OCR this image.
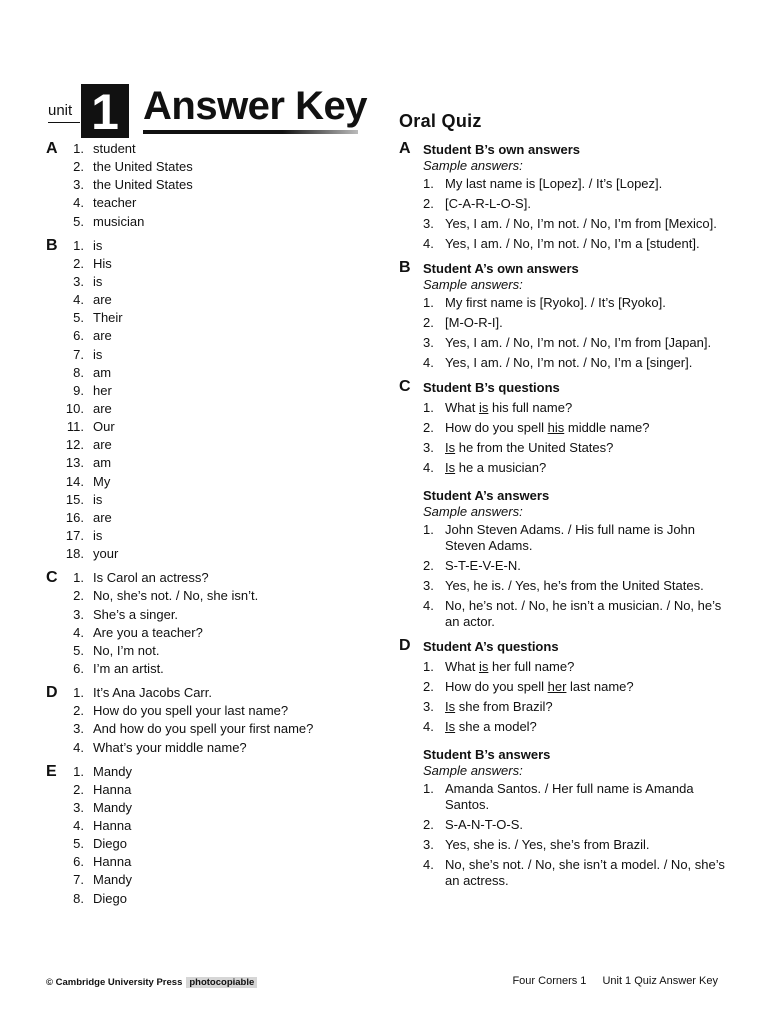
unit 1 Answer Key Oral Quiz
A	1. student
2. the United States
3. the United States
4. teacher
5. musician
B	1. is
2. His
3. is
4. are
5. Their
6. are
7. is
8. am
9. her
10. are
11. Our
12. are
13. am
14. My
15. is
16. are
17. is
18. your
C	1. Is Carol an actress?
2. No, she’s not. / No, she isn’t.
3. She’s a singer.
4. Are you a teacher?
5. No, I’m not.
6. I’m an artist.
D	1. It’s Ana Jacobs Carr.
2. How do you spell your last name?
3. And how do you spell your first name?
4. What’s your middle name?
E	1. Mandy
2. Hanna
3. Mandy
4. Hanna
5. Diego
6. Hanna
7. Mandy
8. Diego
A Student B’s own answers
Sample answers:
1. My last name is [Lopez]. / It’s [Lopez].
2. [C-A-R-L-O-S].
3. Yes, I am. / No, I’m not. / No, I’m from [Mexico].
4. Yes, I am. / No, I’m not. / No, I’m a [student].
B Student A’s own answers
Sample answers:
1. My first name is [Ryoko]. / It’s [Ryoko].
2. [M-O-R-I].
3. Yes, I am. / No, I’m not. / No, I’m from [Japan].
4. Yes, I am. / No, I’m not. / No, I’m a [singer].
C Student B’s questions
1. What is his full name?
2. How do you spell his middle name?
3. Is he from the United States?
4. Is he a musician?
Student A’s answers
Sample answers:
1. John Steven Adams. / His full name is John Steven Adams.
2. S-T-E-V-E-N.
3. Yes, he is. / Yes, he’s from the United States.
4. No, he’s not. / No, he isn’t a musician. / No, he’s an actor.
D Student A’s questions
1. What is her full name?
2. How do you spell her last name?
3. Is she from Brazil?
4. Is she a model?
Student B’s answers
Sample answers:
1. Amanda Santos. / Her full name is Amanda Santos.
2. S-A-N-T-O-S.
3. Yes, she is. / Yes, she’s from Brazil.
4. No, she’s not. / No, she isn’t a model. / No, she’s an actress.
© Cambridge University Press photocopiable	Four Corners 1 Unit 1 Quiz Answer Key
